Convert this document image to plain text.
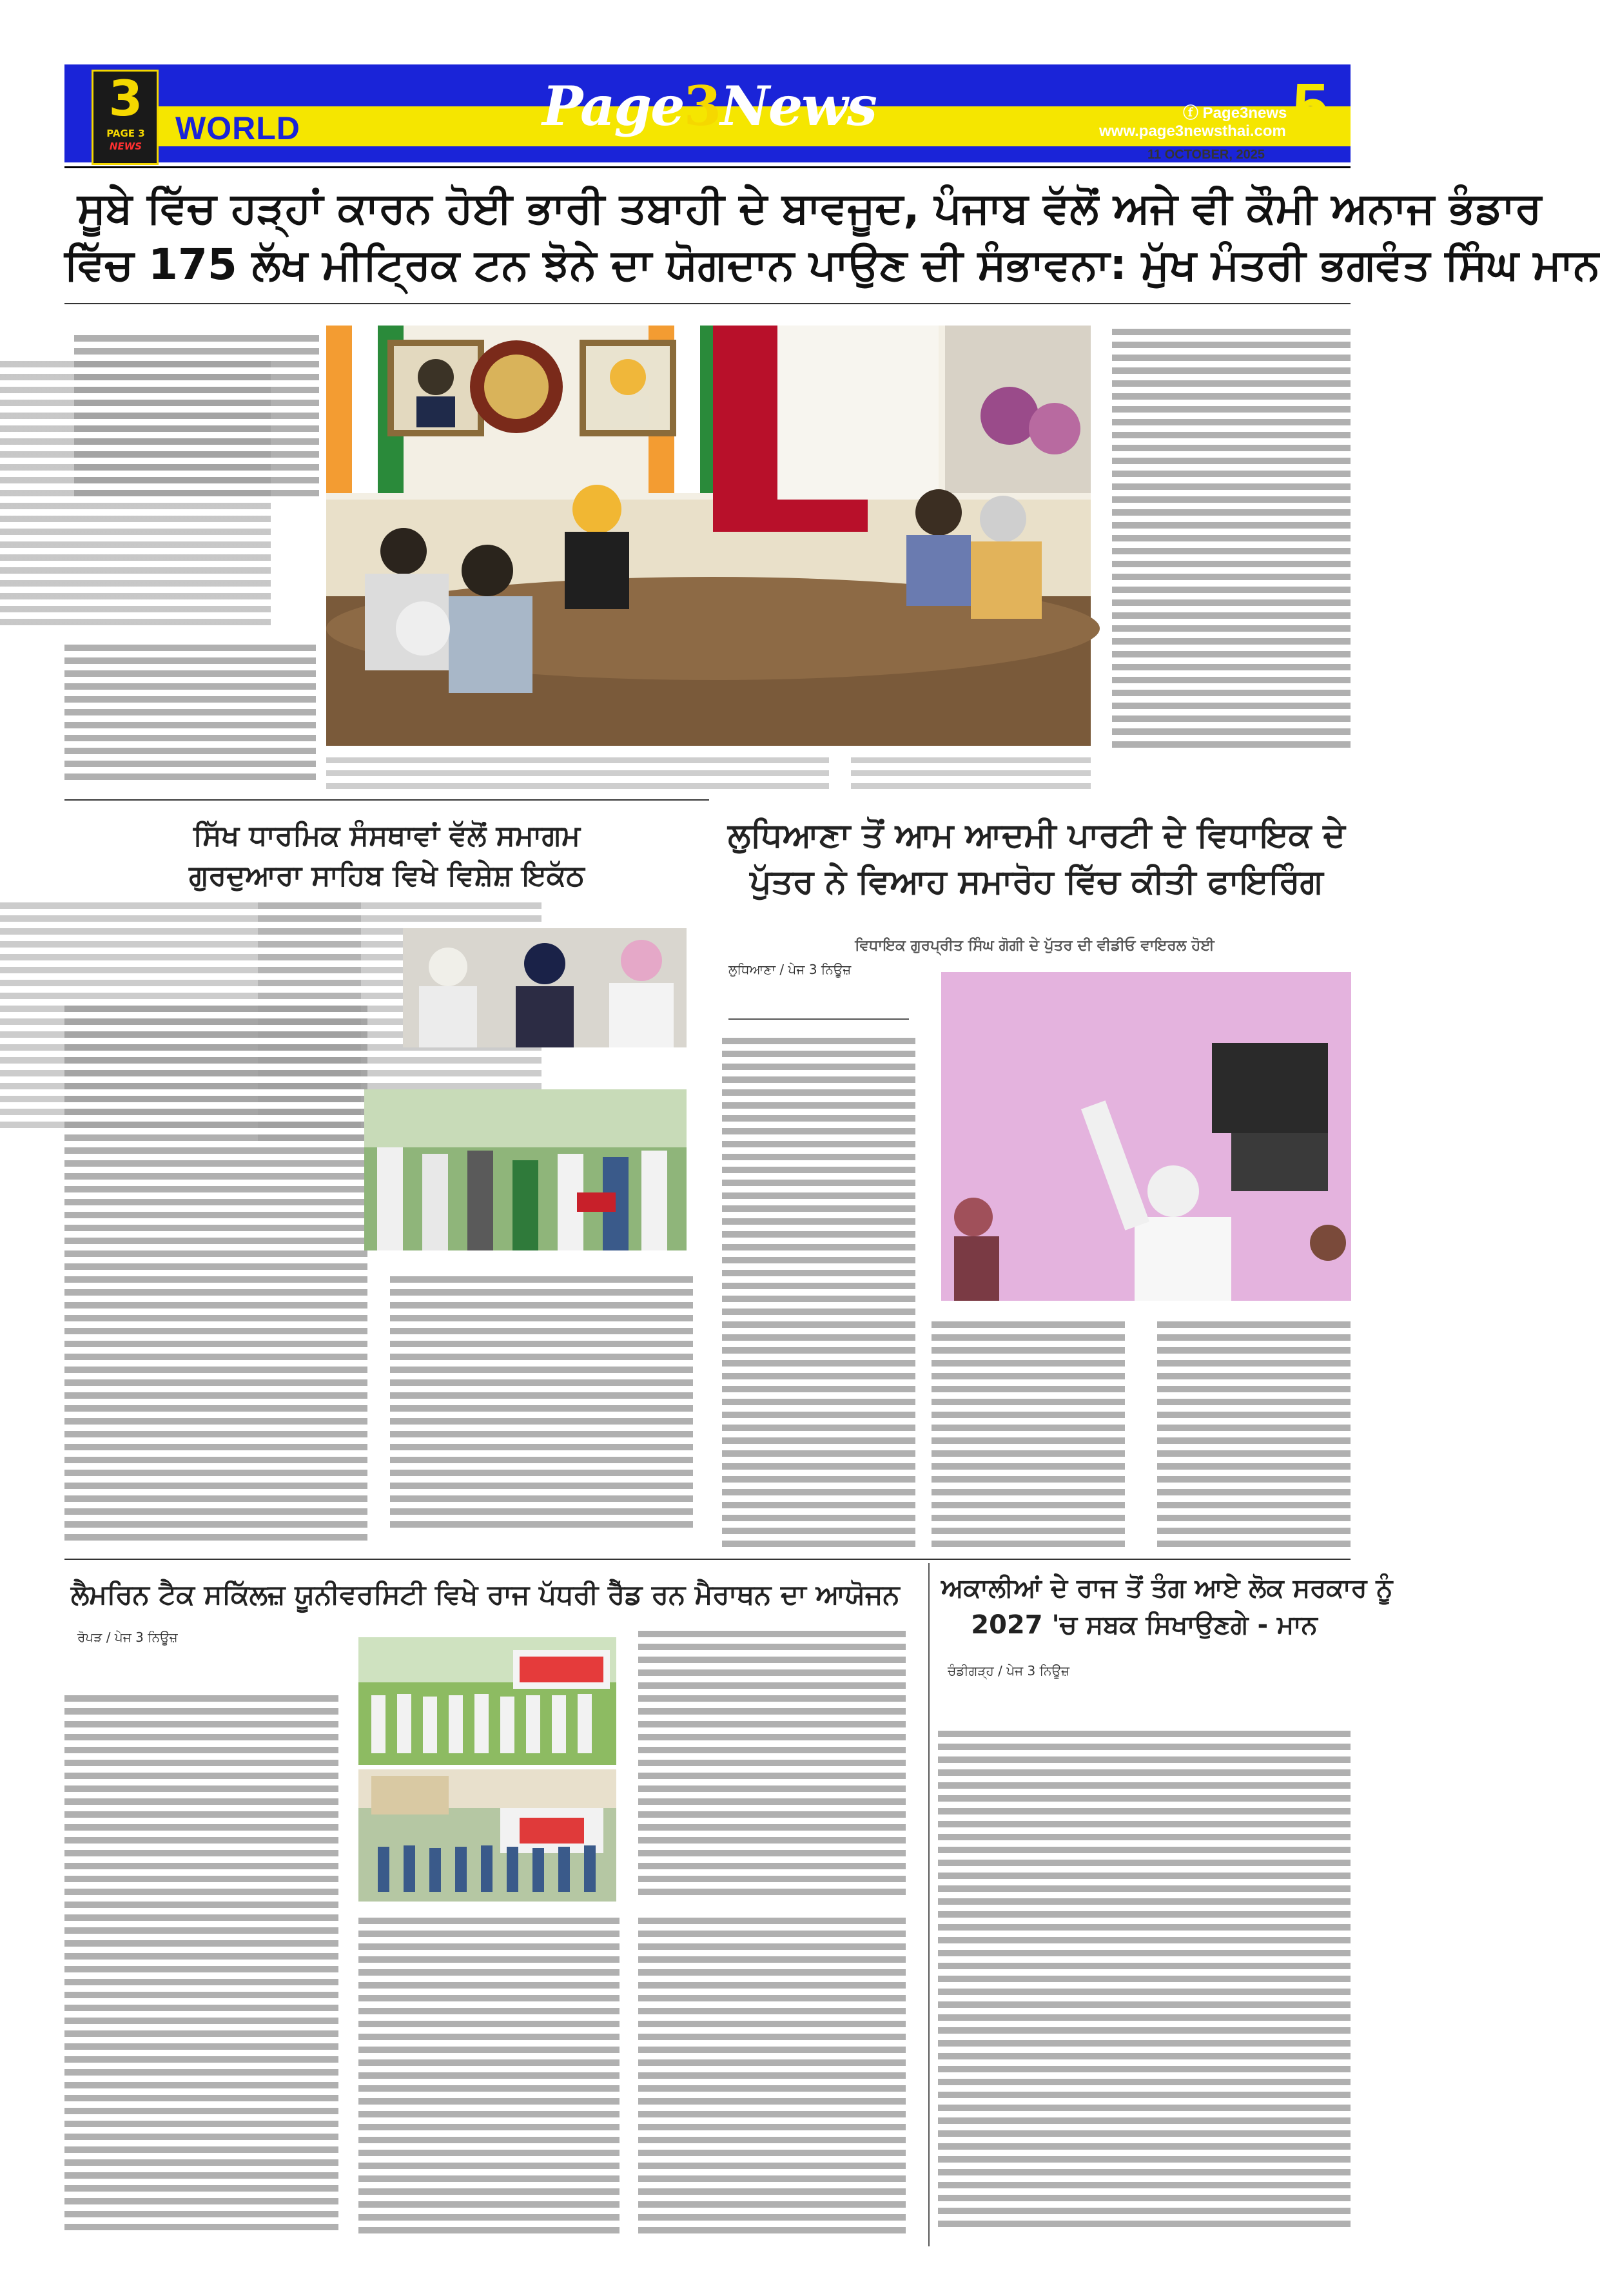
3
PAGE 3
NEWS	WORLD	Page3News	ⓕ Page3news
www.page3newsthai.com 5
11 OCTOBER, 2025
ਸੂਬੇ ਵਿੱਚ ਹੜ੍ਹਾਂ ਕਾਰਨ ਹੋਈ ਭਾਰੀ ਤਬਾਹੀ ਦੇ ਬਾਵਜੂਦ, ਪੰਜਾਬ ਵੱਲੋਂ ਅਜੇ ਵੀ ਕੌਮੀ ਅਨਾਜ ਭੰਡਾਰ
ਵਿੱਚ 175 ਲੱਖ ਮੀਟ੍ਰਿਕ ਟਨ ਝੋਨੇ ਦਾ ਯੋਗਦਾਨ ਪਾਉਣ ਦੀ ਸੰਭਾਵਨਾ: ਮੁੱਖ ਮੰਤਰੀ ਭਗਵੰਤ ਸਿੰਘ ਮਾਨ
ਸਿੱਖ ਧਾਰਮਿਕ ਸੰਸਥਾਵਾਂ ਵੱਲੋਂ ਸਮਾਗਮ
ਗੁਰਦੁਆਰਾ ਸਾਹਿਬ ਵਿਖੇ ਵਿਸ਼ੇਸ਼ ਇਕੱਠ
ਲੁਧਿਆਣਾ ਤੋਂ ਆਮ ਆਦਮੀ ਪਾਰਟੀ ਦੇ ਵਿਧਾਇਕ ਦੇ
ਪੁੱਤਰ ਨੇ ਵਿਆਹ ਸਮਾਰੋਹ ਵਿੱਚ ਕੀਤੀ ਫਾਇਰਿੰਗ
ਵਿਧਾਇਕ ਗੁਰਪ੍ਰੀਤ ਸਿੰਘ ਗੋਗੀ ਦੇ ਪੁੱਤਰ ਦੀ ਵੀਡੀਓ ਵਾਇਰਲ ਹੋਈ
ਲੁਧਿਆਣਾ / ਪੇਜ 3 ਨਿਊਜ਼
ਲੈਮਰਿਨ ਟੈਕ ਸਕਿੱਲਜ਼ ਯੂਨੀਵਰਸਿਟੀ ਵਿਖੇ ਰਾਜ ਪੱਧਰੀ ਰੈੱਡ ਰਨ ਮੈਰਾਥਨ ਦਾ ਆਯੋਜਨ
ਰੋਪੜ / ਪੇਜ 3 ਨਿਊਜ਼
ਅਕਾਲੀਆਂ ਦੇ ਰਾਜ ਤੋਂ ਤੰਗ ਆਏ ਲੋਕ ਸਰਕਾਰ ਨੂੰ
2027 'ਚ ਸਬਕ ਸਿਖਾਉਣਗੇ - ਮਾਨ
ਚੰਡੀਗੜ੍ਹ / ਪੇਜ 3 ਨਿਊਜ਼
